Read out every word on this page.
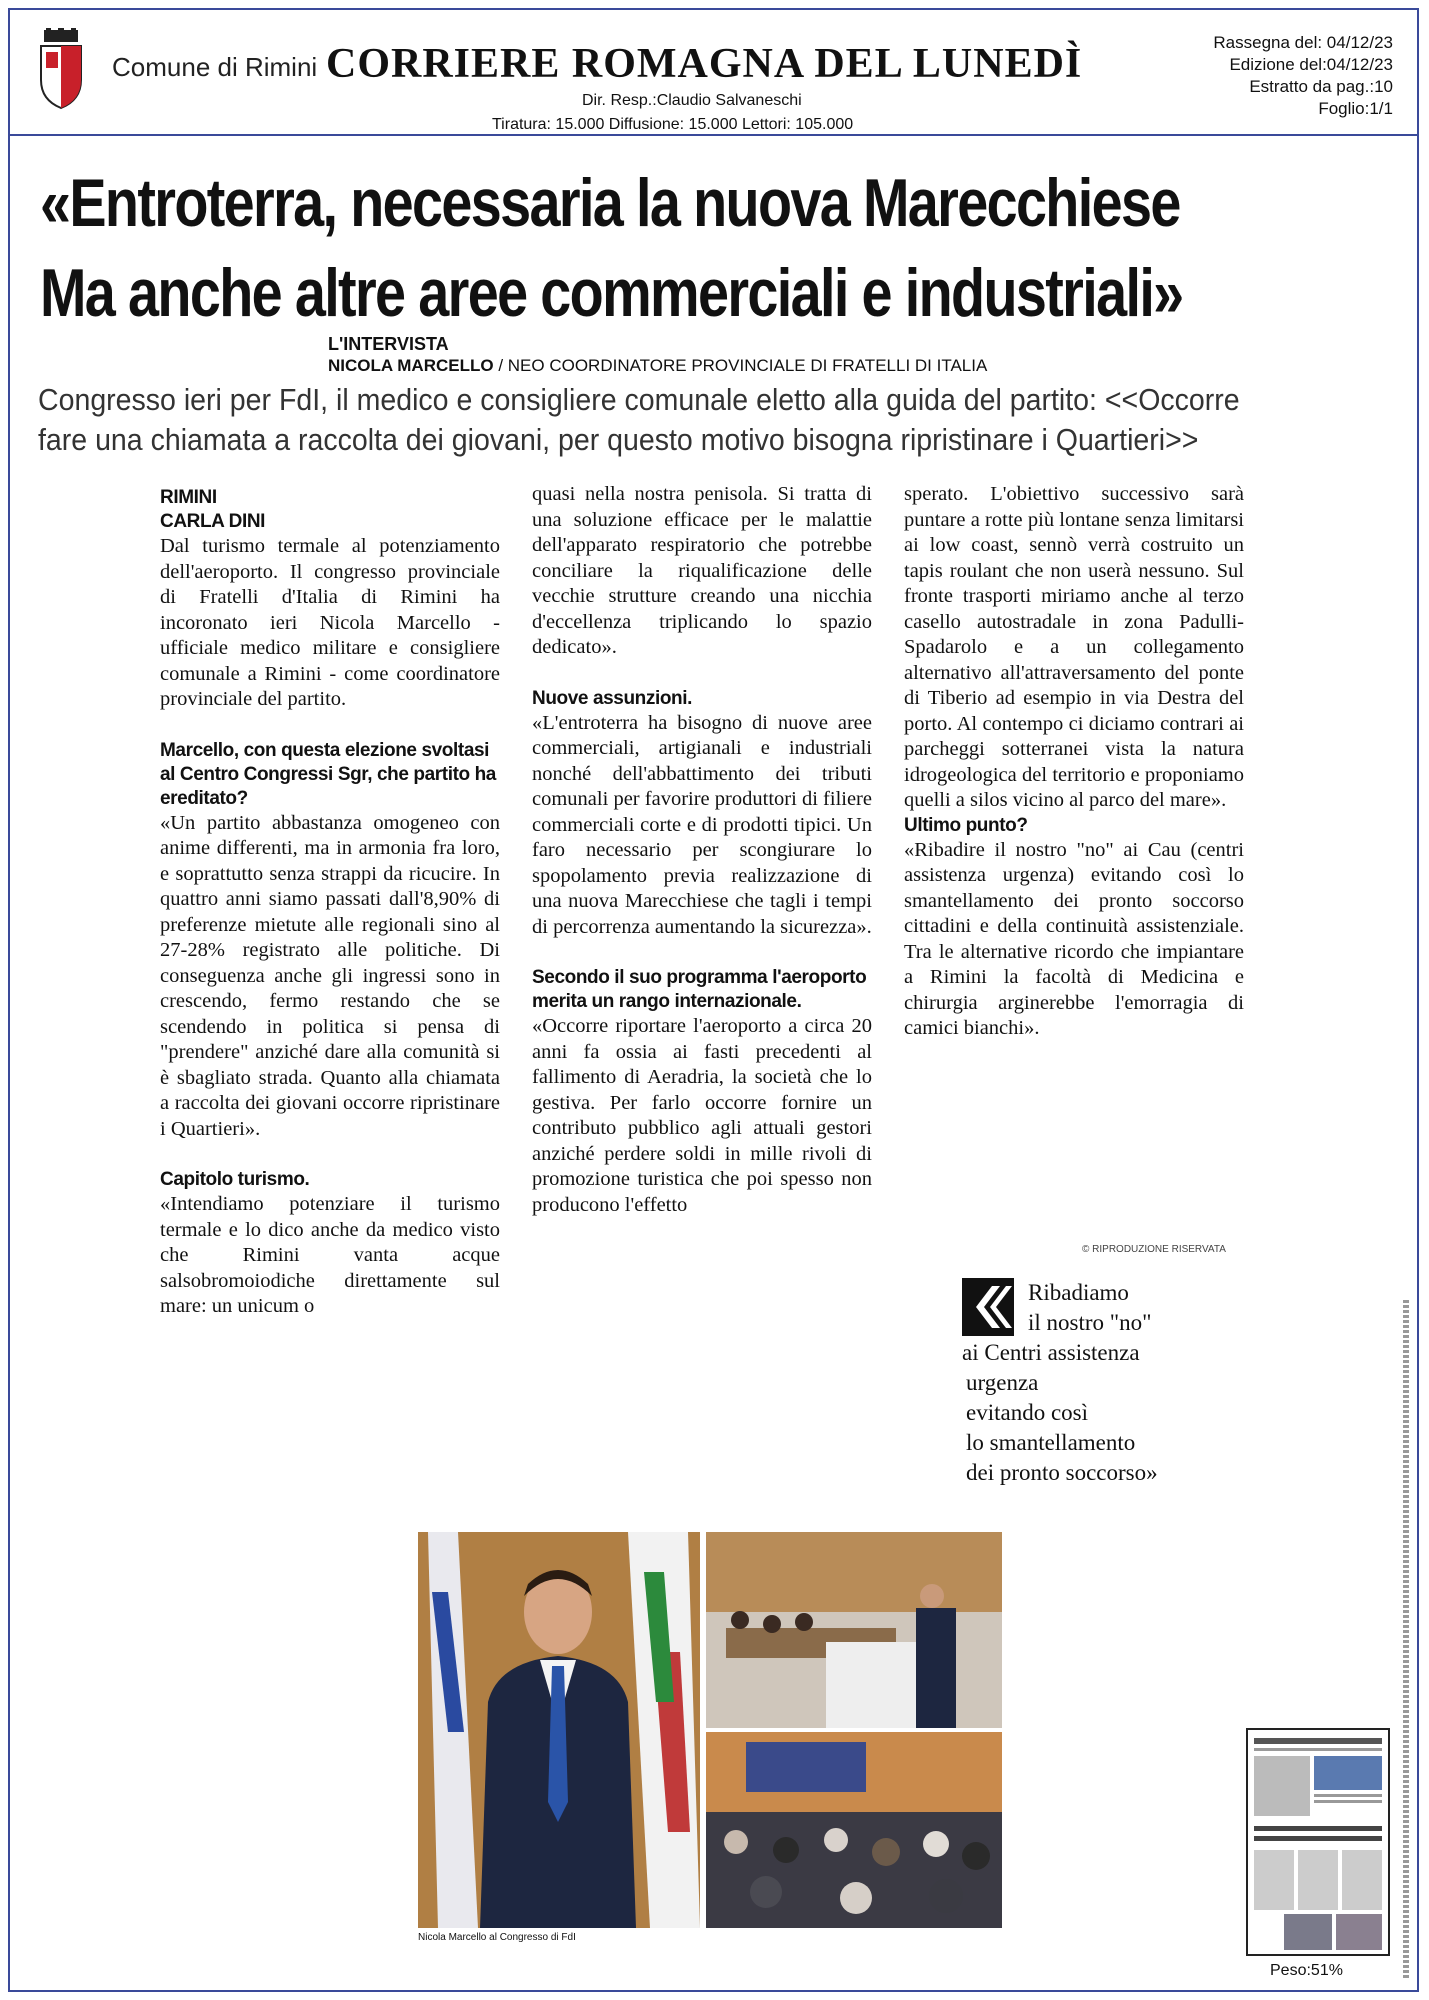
Comune di Rimini CORRIERE ROMAGNA DEL LUNEDÌ
Dir. Resp.:Claudio Salvaneschi
Tiratura: 15.000 Diffusione: 15.000 Lettori: 105.000
Rassegna del: 04/12/23
Edizione del:04/12/23
Estratto da pag.:10
Foglio:1/1
«Entroterra, necessaria la nuova Marecchiese
Ma anche altre aree commerciali e industriali»
L'INTERVISTA
NICOLA MARCELLO / NEO COORDINATORE PROVINCIALE DI FRATELLI DI ITALIA
Congresso ieri per FdI, il medico e consigliere comunale eletto alla guida del partito: <<Occorre fare una chiamata a raccolta dei giovani, per questo motivo bisogna ripristinare i Quartieri>>
RIMINI
CARLA DINI

Dal turismo termale al potenziamento dell'aeroporto. Il congresso provinciale di Fratelli d'Italia di Rimini ha incoronato ieri Nicola Marcello - ufficiale medico militare e consigliere comunale a Rimini - come coordinatore provinciale del partito.

Marcello, con questa elezione svoltasi al Centro Congressi Sgr, che partito ha ereditato?

«Un partito abbastanza omogeneo con anime differenti, ma in armonia fra loro, e soprattutto senza strappi da ricucire. In quattro anni siamo passati dall'8,90% di preferenze mietute alle regionali sino al 27-28% registrato alle politiche. Di conseguenza anche gli ingressi sono in crescendo, fermo restando che se scendendo in politica si pensa di "prendere" anziché dare alla comunità si è sbagliato strada. Quanto alla chiamata a raccolta dei giovani occorre ripristinare i Quartieri».

Capitolo turismo.

«Intendiamo potenziare il turismo termale e lo dico anche da medico visto che Rimini vanta acque salsobromoiodiche direttamente sul mare: un unicum o

quasi nella nostra penisola. Si tratta di una soluzione efficace per le malattie dell'apparato respiratorio che potrebbe conciliare la riqualificazione delle vecchie strutture creando una nicchia d'eccellenza triplicando lo spazio dedicato».

Nuove assunzioni.

«L'entroterra ha bisogno di nuove aree commerciali, artigianali e industriali nonché dell'abbattimento dei tributi comunali per favorire produttori di filiere commerciali corte e di prodotti tipici. Un faro necessario per scongiurare lo spopolamento previa realizzazione di una nuova Marecchiese che tagli i tempi di percorrenza aumentando la sicurezza».

Secondo il suo programma l'aeroporto merita un rango internazionale.

«Occorre riportare l'aeroporto a circa 20 anni fa ossia ai fasti precedenti al fallimento di Aeradria, la società che lo gestiva. Per farlo occorre fornire un contributo pubblico agli attuali gestori anziché perdere soldi in mille rivoli di promozione turistica che poi spesso non producono l'effetto

sperato. L'obiettivo successivo sarà puntare a rotte più lontane senza limitarsi ai low coast, sennò verrà costruito un tapis roulant che non userà nessuno. Sul fronte trasporti miriamo anche al terzo casello autostradale in zona Padulli-Spadarolo e a un collegamento alternativo all'attraversamento del ponte di Tiberio ad esempio in via Destra del porto. Al contempo ci diciamo contrari ai parcheggi sotterranei vista la natura idrogeologica del territorio e proponiamo quelli a silos vicino al parco del mare».

Ultimo punto?

«Ribadire il nostro "no" ai Cau (centri assistenza urgenza) evitando così lo smantellamento dei pronto soccorso cittadini e della continuità assistenziale. Tra le alternative ricordo che impiantare a Rimini la facoltà di Medicina e chirurgia arginerebbe l'emorragia di camici bianchi».

© RIPRODUZIONE RISERVATA
Ribadiamo
il nostro "no"
ai Centri assistenza
urgenza
evitando così
lo smantellamento
dei pronto soccorso»
Nicola Marcello al Congresso di FdI
Peso:51%
